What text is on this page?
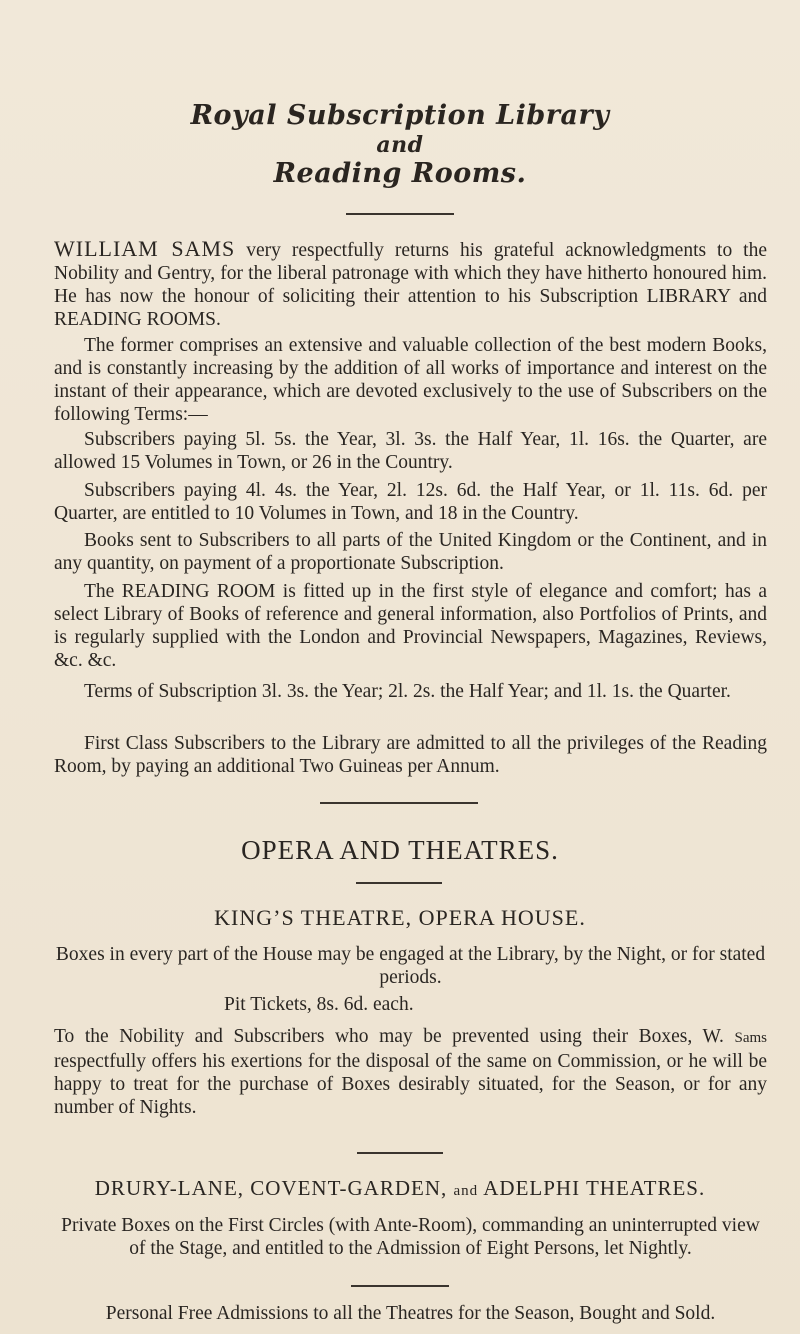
Royal Subscription Library
and
Reading Rooms.

WILLIAM SAMS very respectfully returns his grateful acknowledgments to the Nobility and Gentry, for the liberal patronage with which they have hitherto honoured him. He has now the honour of soliciting their attention to his Subscription LIBRARY and READING ROOMS.

The former comprises an extensive and valuable collection of the best modern Books, and is constantly increasing by the addition of all works of importance and interest on the instant of their appearance, which are devoted exclusively to the use of Subscribers on the following Terms:—

Subscribers paying 5l. 5s. the Year, 3l. 3s. the Half Year, 1l. 16s. the Quarter, are allowed 15 Volumes in Town, or 26 in the Country.

Subscribers paying 4l. 4s. the Year, 2l. 12s. 6d. the Half Year, or 1l. 11s. 6d. per Quarter, are entitled to 10 Volumes in Town, and 18 in the Country.

Books sent to Subscribers to all parts of the United Kingdom or the Continent, and in any quantity, on payment of a proportionate Subscription.

The READING ROOM is fitted up in the first style of elegance and comfort; has a select Library of Books of reference and general information, also Portfolios of Prints, and is regularly supplied with the London and Provincial Newspapers, Magazines, Reviews, &c. &c.

Terms of Subscription 3l. 3s. the Year; 2l. 2s. the Half Year; and 1l. 1s. the Quarter.

First Class Subscribers to the Library are admitted to all the privileges of the Reading Room, by paying an additional Two Guineas per Annum.

OPERA AND THEATRES.
KING’S THEATRE, OPERA HOUSE.

Boxes in every part of the House may be engaged at the Library, by the Night, or for stated periods.

Pit Tickets, 8s. 6d. each.

To the Nobility and Subscribers who may be prevented using their Boxes, W. Sams respectfully offers his exertions for the disposal of the same on Commission, or he will be happy to treat for the purchase of Boxes desirably situated, for the Season, or for any number of Nights.

DRURY-LANE, COVENT-GARDEN, and ADELPHI THEATRES.

Private Boxes on the First Circles (with Ante-Room), commanding an uninterrupted view of the Stage, and entitled to the Admission of Eight Persons, let Nightly.

Personal Free Admissions to all the Theatres for the Season, Bought and Sold.
